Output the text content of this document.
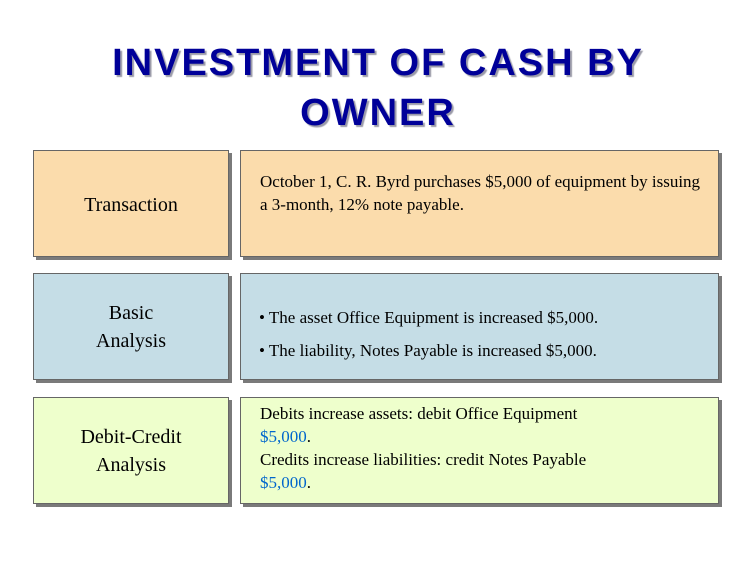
INVESTMENT OF CASH BY
OWNER
Transaction
October 1, C. R. Byrd purchases $5,000 of equipment by issuing a 3-month, 12% note payable.
Basic
Analysis

• The asset Office Equipment is increased $5,000.

• The liability, Notes Payable is increased $5,000.

Debit-Credit
Analysis
Debits increase assets: debit Office Equipment
$5,000.
Credits increase liabilities: credit Notes Payable
$5,000.
